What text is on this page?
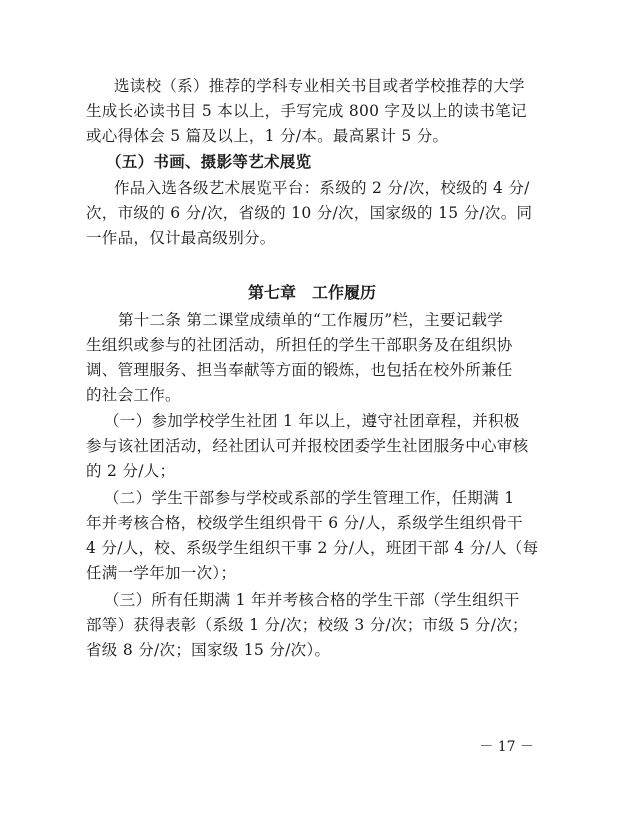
选读校（系）推荐的学科专业相关书目或者学校推荐的大学
生成长必读书目 5 本以上，手写完成 800 字及以上的读书笔记
或心得体会 5 篇及以上，1 分/本。最高累计 5 分。
（五）书画、摄影等艺术展览
作品入选各级艺术展览平台：系级的 2 分/次，校级的 4 分/
次，市级的 6 分/次，省级的 10 分/次，国家级的 15 分/次。同
一作品，仅计最高级别分。
第七章　工作履历
第十二条 第二课堂成绩单的“工作履历”栏，主要记载学
生组织或参与的社团活动，所担任的学生干部职务及在组织协
调、管理服务、担当奉献等方面的锻炼，也包括在校外所兼任
的社会工作。
（一）参加学校学生社团 1 年以上，遵守社团章程，并积极
参与该社团活动，经社团认可并报校团委学生社团服务中心审核
的 2 分/人；
（二）学生干部参与学校或系部的学生管理工作，任期满 1
年并考核合格，校级学生组织骨干 6 分/人，系级学生组织骨干
4 分/人，校、系级学生组织干事 2 分/人，班团干部 4 分/人（每
任满一学年加一次）；
（三）所有任期满 1 年并考核合格的学生干部（学生组织干
部等）获得表彰（系级 1 分/次；校级 3 分/次；市级 5 分/次；
省级 8 分/次；国家级 15 分/次）。
－ 17 －
